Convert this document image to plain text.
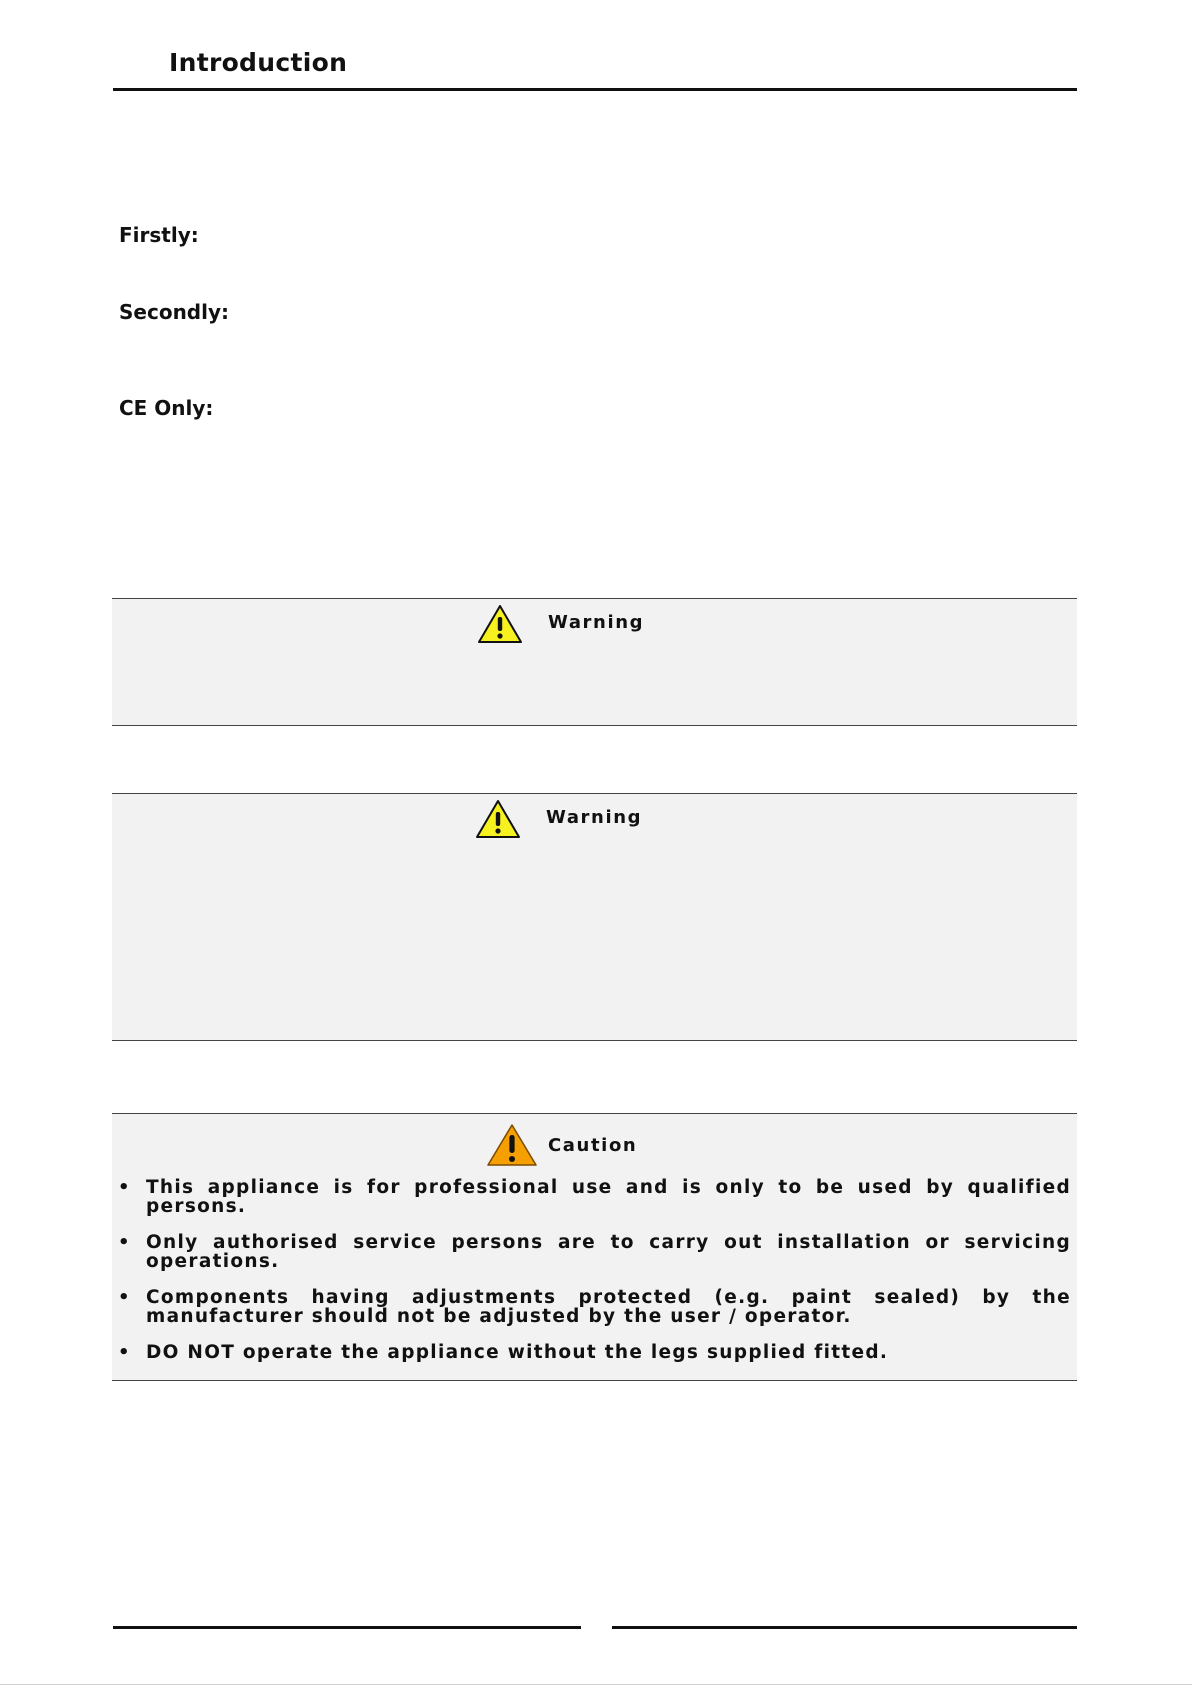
Introduction
Firstly:
Secondly:
CE Only:
Warning
Warning
Caution
• This appliance is for professional use and is only to be used by qualified persons.
• Only authorised service persons are to carry out installation or servicing operations.
• Components having adjustments protected (e.g. paint sealed) by the manufacturer should not be adjusted by the user / operator.
• DO NOT operate the appliance without the legs supplied fitted.
